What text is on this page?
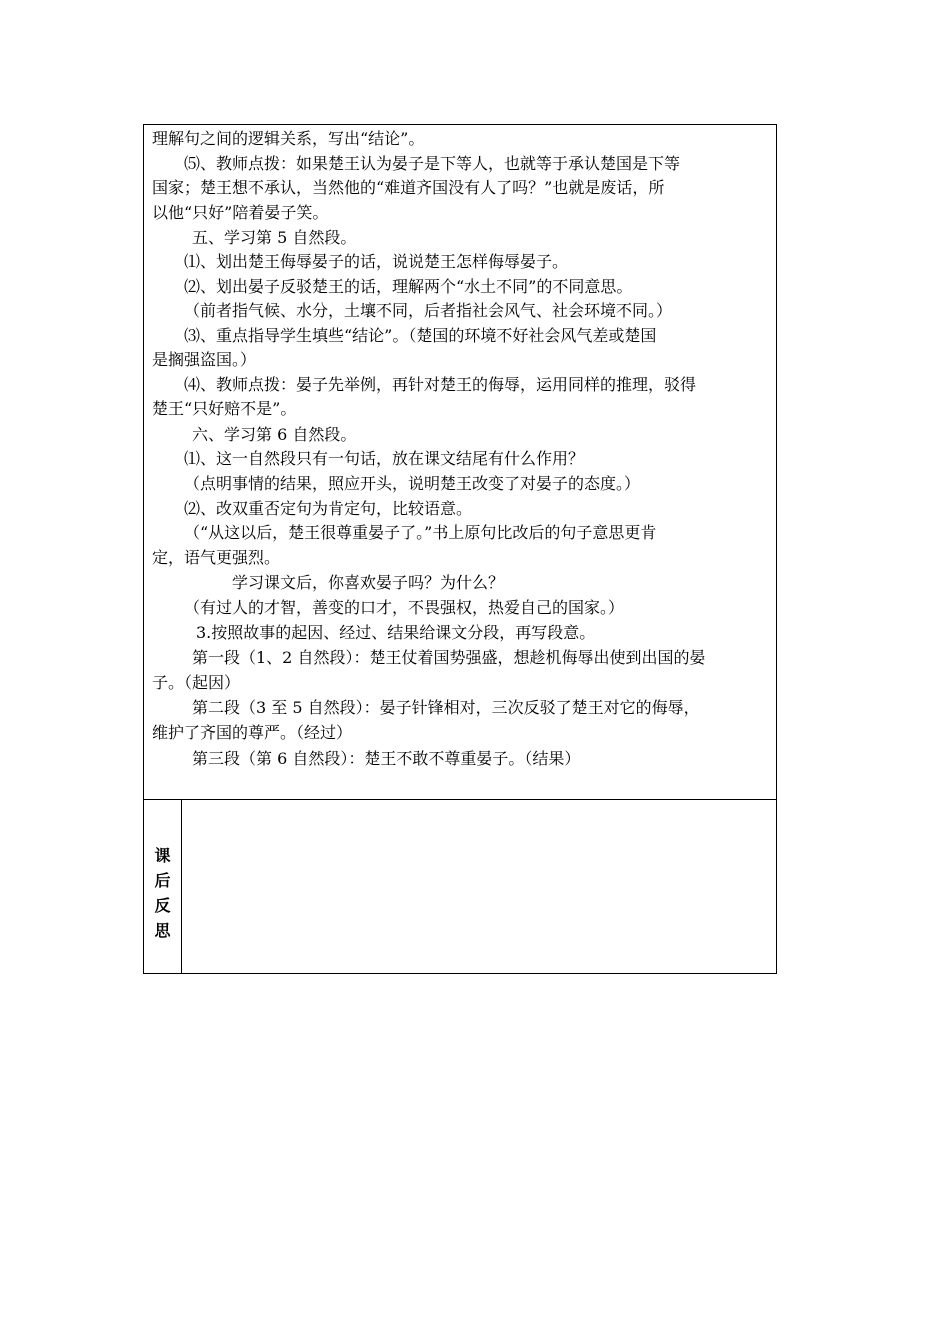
理解句之间的逻辑关系，写出“结论”。
⑸、教师点拨：如果楚王认为晏子是下等人，也就等于承认楚国是下等
国家；楚王想不承认，当然他的“难道齐国没有人了吗？”也就是废话，所
以他“只好”陪着晏子笑。
五、学习第 5 自然段。
⑴、划出楚王侮辱晏子的话，说说楚王怎样侮辱晏子。
⑵、划出晏子反驳楚王的话，理解两个“水土不同”的不同意思。
（前者指气候、水分，土壤不同，后者指社会风气、社会环境不同。）
⑶、重点指导学生填些“结论”。（楚国的环境不好社会风气差或楚国
是搁强盗国。）
⑷、教师点拨：晏子先举例，再针对楚王的侮辱，运用同样的推理，驳得
楚王“只好赔不是”。
六、学习第 6 自然段。
⑴、这一自然段只有一句话，放在课文结尾有什么作用？
（点明事情的结果，照应开头，说明楚王改变了对晏子的态度。）
⑵、改双重否定句为肯定句，比较语意。
（“从这以后，楚王很尊重晏子了。”书上原句比改后的句子意思更肯
定，语气更强烈。
学习课文后，你喜欢晏子吗？为什么？
（有过人的才智，善变的口才，不畏强权，热爱自己的国家。）
3.按照故事的起因、经过、结果给课文分段，再写段意。
第一段（1、2 自然段）：楚王仗着国势强盛，想趁机侮辱出使到出国的晏
子。（起因）
第二段（3 至 5 自然段）：晏子针锋相对，三次反驳了楚王对它的侮辱，
维护了齐国的尊严。（经过）
第三段（第 6 自然段）：楚王不敢不尊重晏子。（结果）
课
后
反
思
